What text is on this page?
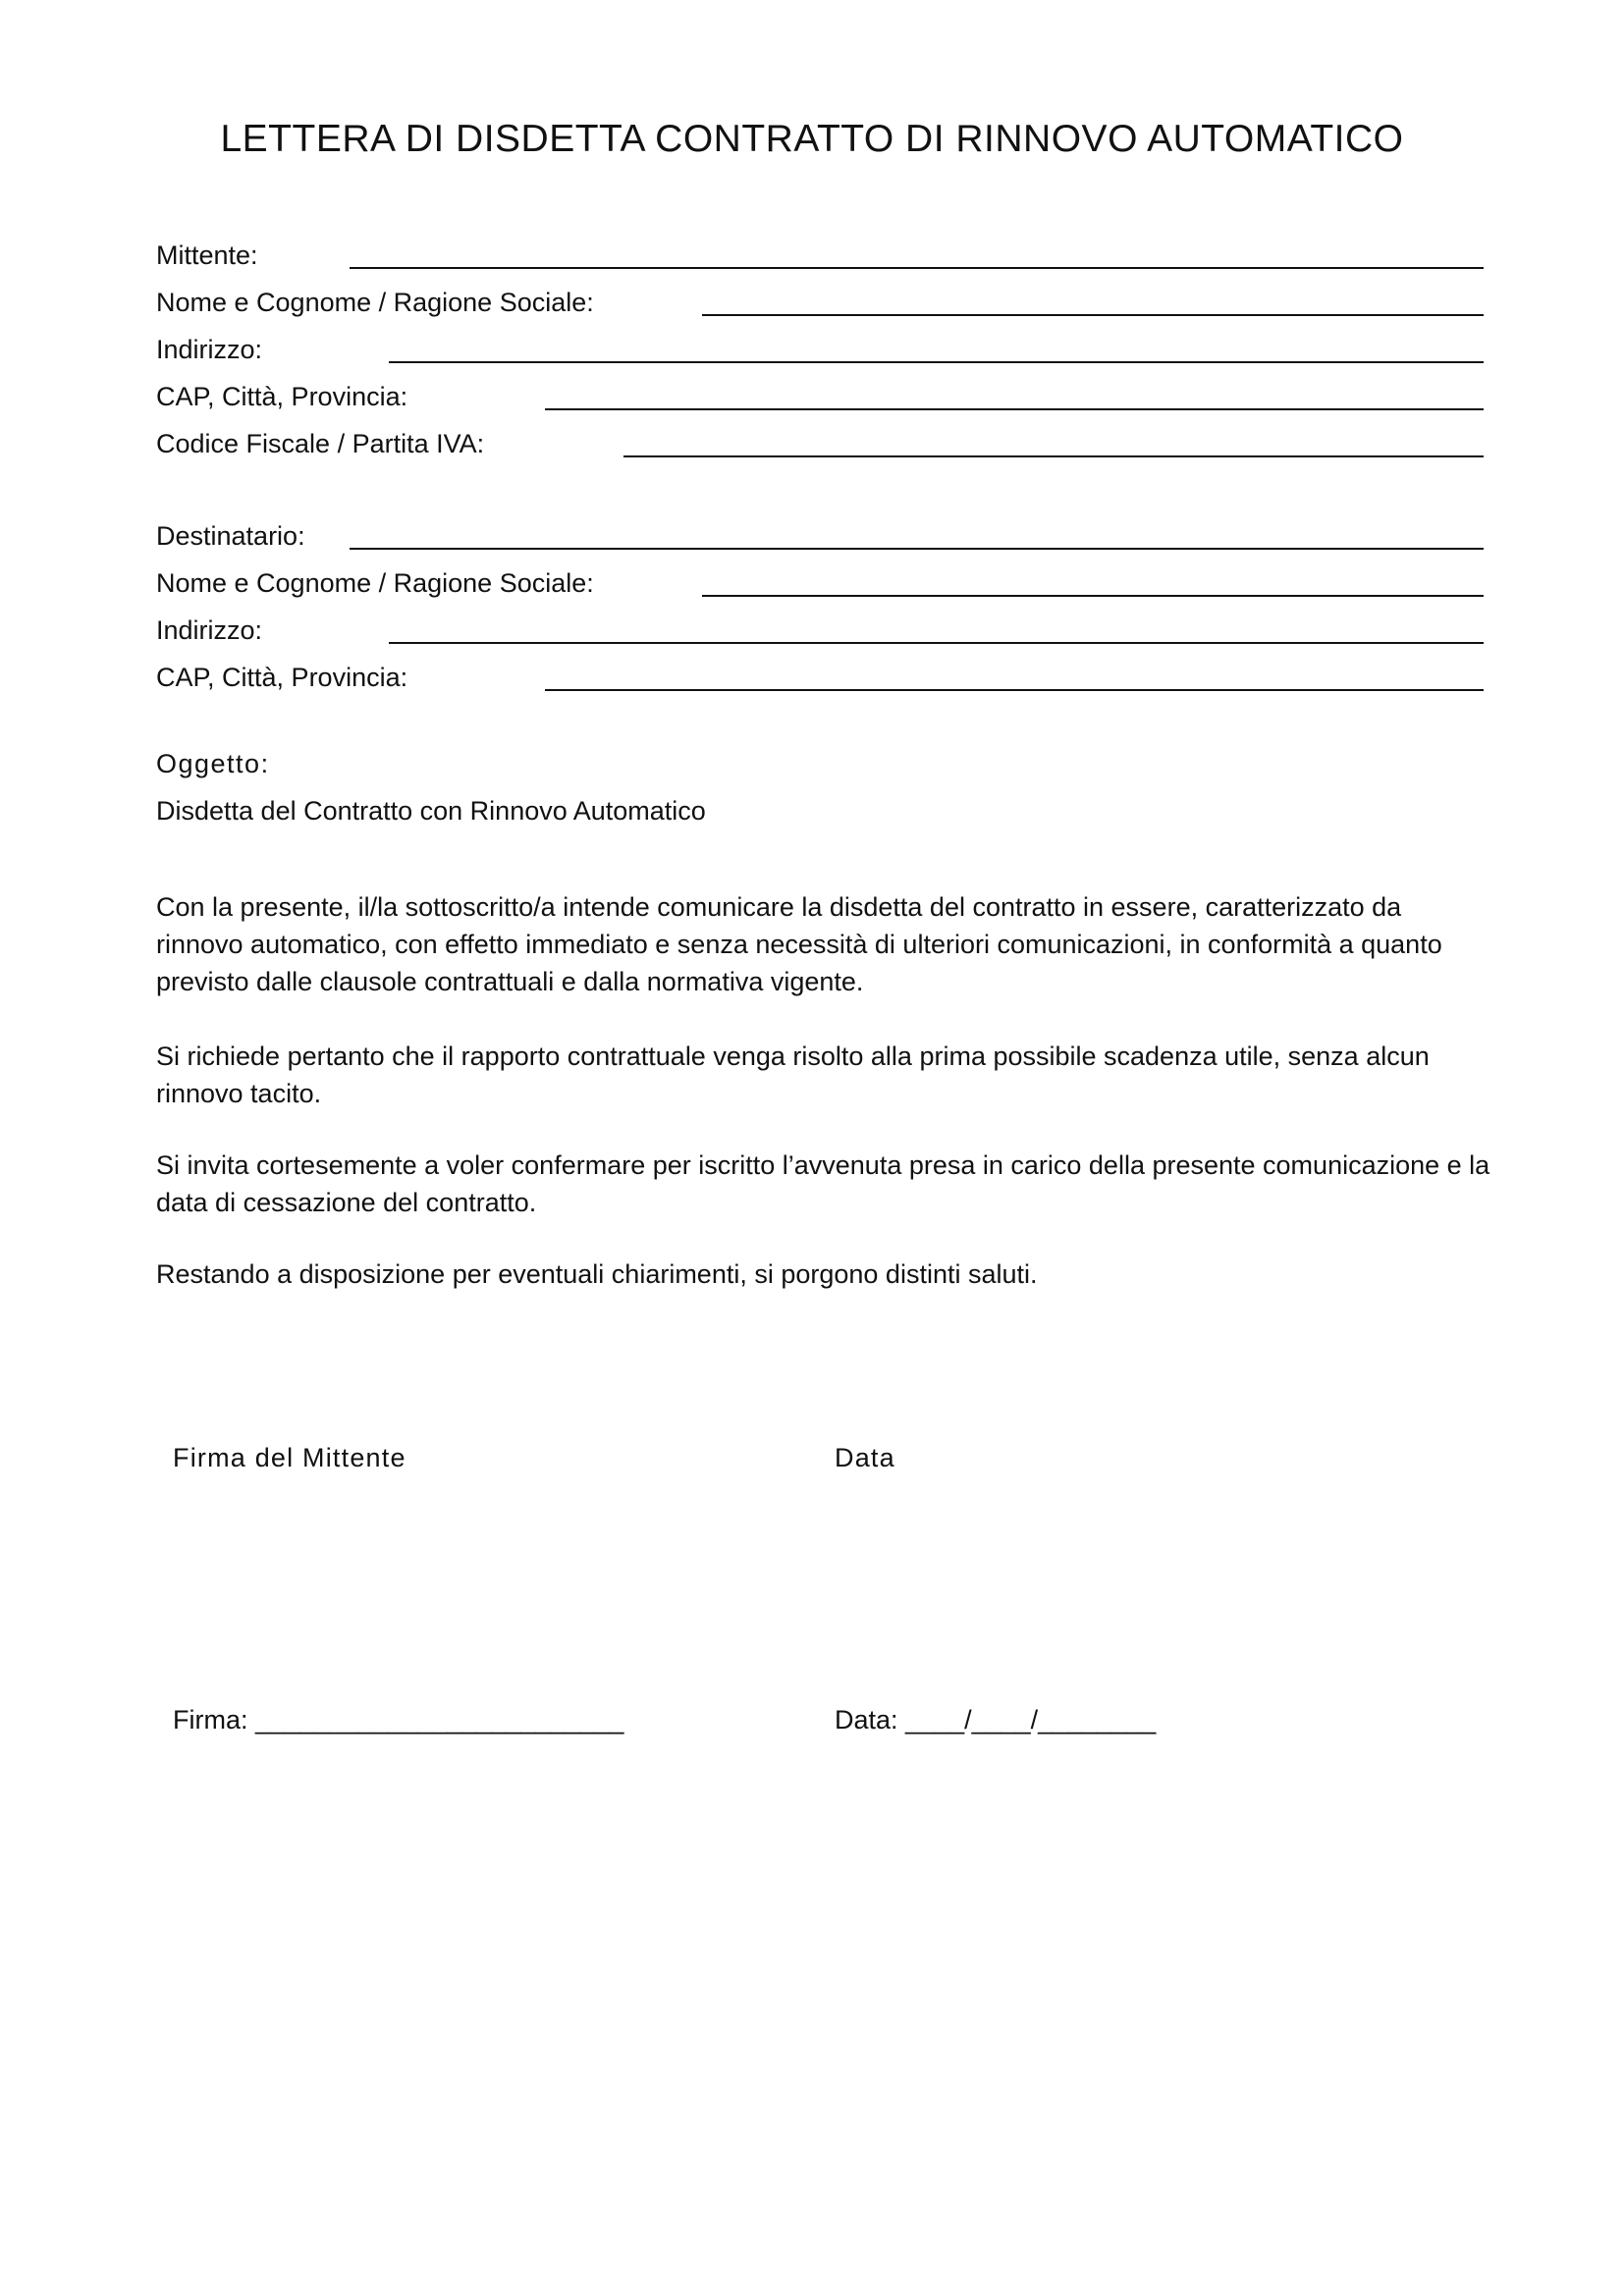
LETTERA DI DISDETTA CONTRATTO DI RINNOVO AUTOMATICO
Mittente:
Nome e Cognome / Ragione Sociale:
Indirizzo:
CAP, Città, Provincia:
Codice Fiscale / Partita IVA:
Destinatario:
Nome e Cognome / Ragione Sociale:
Indirizzo:
CAP, Città, Provincia:
Oggetto:
Disdetta del Contratto con Rinnovo Automatico

Con la presente, il/la sottoscritto/a intende comunicare la disdetta del contratto in essere, caratterizzato da rinnovo automatico, con effetto immediato e senza necessità di ulteriori comunicazioni, in conformità a quanto previsto dalle clausole contrattuali e dalla normativa vigente.

Si richiede pertanto che il rapporto contrattuale venga risolto alla prima possibile scadenza utile, senza alcun rinnovo tacito.

Si invita cortesemente a voler confermare per iscritto l’avvenuta presa in carico della presente comunicazione e la data di cessazione del contratto.

Restando a disposizione per eventuali chiarimenti, si porgono distinti saluti.

Firma del Mittente	Data
Firma: _________________________	Data: ____/____/________
